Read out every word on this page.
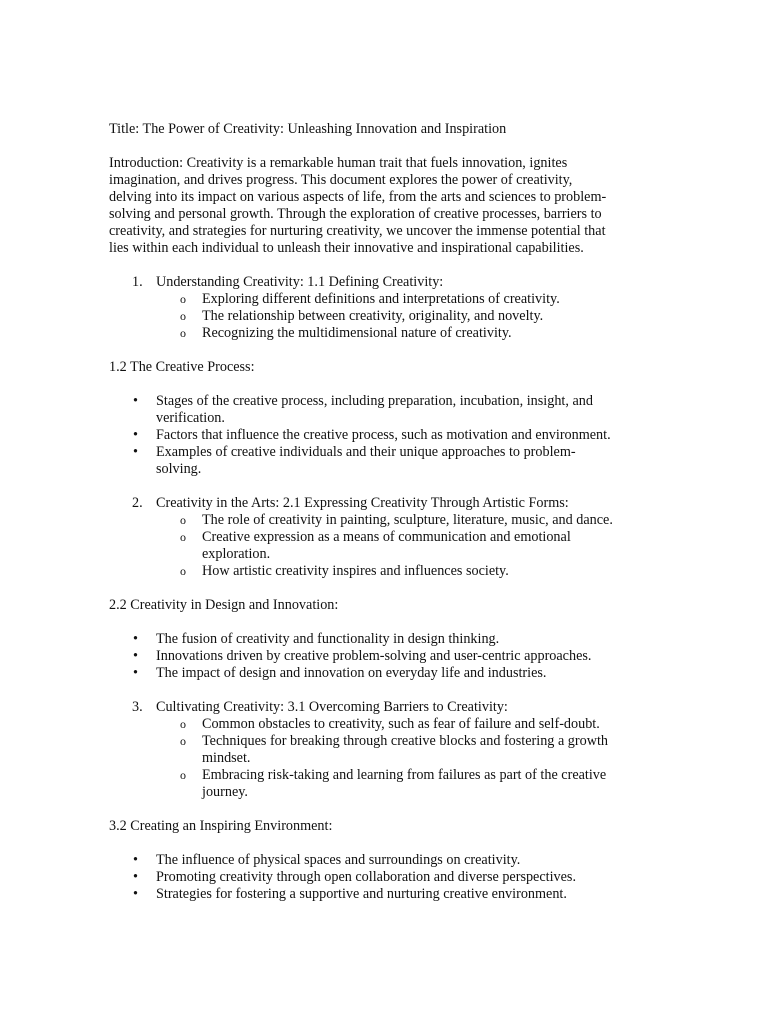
Title: The Power of Creativity: Unleashing Innovation and Inspiration
Introduction: Creativity is a remarkable human trait that fuels innovation, ignites
imagination, and drives progress. This document explores the power of creativity,
delving into its impact on various aspects of life, from the arts and sciences to problem-
solving and personal growth. Through the exploration of creative processes, barriers to
creativity, and strategies for nurturing creativity, we uncover the immense potential that
lies within each individual to unleash their innovative and inspirational capabilities.
1. Understanding Creativity: 1.1 Defining Creativity:
o Exploring different definitions and interpretations of creativity.
o The relationship between creativity, originality, and novelty.
o Recognizing the multidimensional nature of creativity.
1.2 The Creative Process:
• Stages of the creative process, including preparation, incubation, insight, and
verification.
• Factors that influence the creative process, such as motivation and environment.
• Examples of creative individuals and their unique approaches to problem-
solving.
2. Creativity in the Arts: 2.1 Expressing Creativity Through Artistic Forms:
o The role of creativity in painting, sculpture, literature, music, and dance.
o Creative expression as a means of communication and emotional
exploration.
o How artistic creativity inspires and influences society.
2.2 Creativity in Design and Innovation:
• The fusion of creativity and functionality in design thinking.
• Innovations driven by creative problem-solving and user-centric approaches.
• The impact of design and innovation on everyday life and industries.
3. Cultivating Creativity: 3.1 Overcoming Barriers to Creativity:
o Common obstacles to creativity, such as fear of failure and self-doubt.
o Techniques for breaking through creative blocks and fostering a growth
mindset.
o Embracing risk-taking and learning from failures as part of the creative
journey.
3.2 Creating an Inspiring Environment:
• The influence of physical spaces and surroundings on creativity.
• Promoting creativity through open collaboration and diverse perspectives.
• Strategies for fostering a supportive and nurturing creative environment.
